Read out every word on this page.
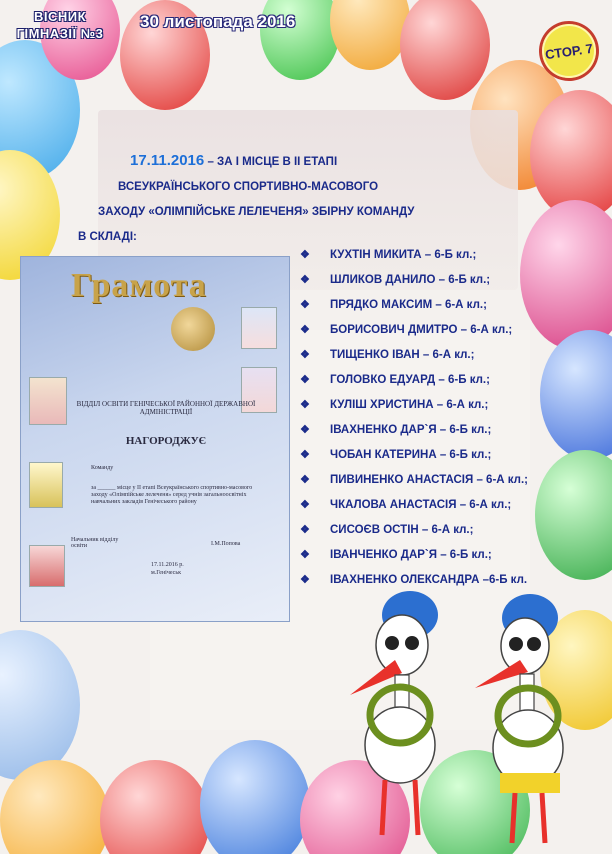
ВІСНИК
ГІМНАЗІЇ №3
30 листопада 2016
СТОР. 7
17.11.2016 – ЗА І МІСЦЕ В ІІ ЕТАПІ
ВСЕУКРАЇНСЬКОГО СПОРТИВНО-МАСОВОГО
ЗАХОДУ «ОЛІМПІЙСЬКЕ ЛЕЛЕЧЕНЯ» ЗБІРНУ КОМАНДУ
В СКЛАДІ:
❖ КУХТІН МИКИТА – 6-Б кл.;
❖ ШЛИКОВ ДАНИЛО – 6-Б кл.;
❖ ПРЯДКО МАКСИМ – 6-А кл.;
❖ БОРИСОВИЧ ДМИТРО – 6-А кл.;
❖ ТИЩЕНКО ІВАН – 6-А кл.;
❖ ГОЛОВКО ЕДУАРД – 6-Б кл.;
❖ КУЛІШ ХРИСТИНА – 6-А кл.;
❖ ІВАХНЕНКО ДАР`Я – 6-Б кл.;
❖ ЧОБАН КАТЕРИНА – 6-Б кл.;
❖ ПИВИНЕНКО АНАСТАСІЯ – 6-А кл.;
❖ ЧКАЛОВА АНАСТАСІЯ – 6-А кл.;
❖ СИСОЄВ ОСТІН – 6-А кл.;
❖ ІВАНЧЕНКО ДАР`Я – 6-Б кл.;
❖ ІВАХНЕНКО ОЛЕКСАНДРА –6-Б кл.
Грамота
ВІДДІЛ ОСВІТИ ГЕНІЧЕСЬКОЇ РАЙОННОЇ ДЕРЖАВНОЇ АДМІНІСТРАЦІЇ
НАГОРОДЖУЄ
Команду
за ______ місце у ІІ етапі Всеукраїнського спортивно-масового заходу «Олімпійське лелеченя» серед учнів загальноосвітніх навчальних закладів Генічеського району
Начальник відділу освіти	І.М.Попова
17.11.2016 р.
м.Генічеськ
